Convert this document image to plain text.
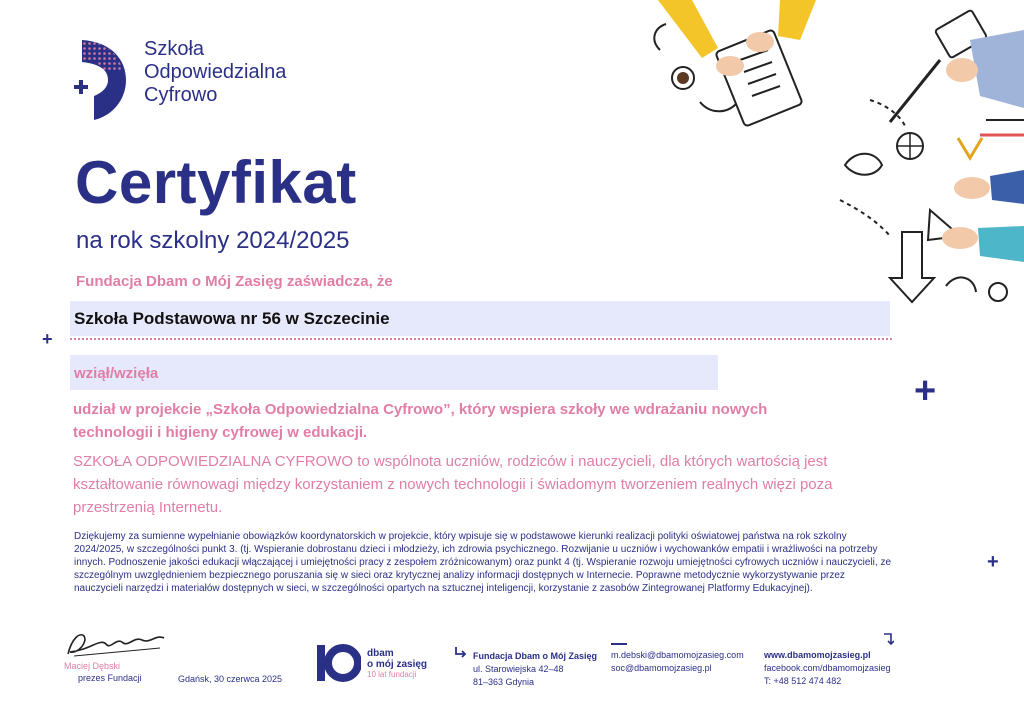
Szkoła
Odpowiedzialna
Cyfrowo
Certyfikat
na rok szkolny 2024/2025
Fundacja Dbam o Mój Zasięg zaświadcza, że
Szkoła Podstawowa nr 56 w Szczecinie
wziął/wzięła
udział w projekcie „Szkoła Odpowiedzialna Cyfrowo”, który wspiera szkoły we wdrażaniu nowych technologii i higieny cyfrowej w edukacji.
SZKOŁA ODPOWIEDZIALNA CYFROWO to wspólnota uczniów, rodziców i nauczycieli, dla których wartością jest kształtowanie równowagi między korzystaniem z nowych technologii i świadomym tworzeniem realnych więzi poza przestrzenią Internetu.
Dziękujemy za sumienne wypełnianie obowiązków koordynatorskich w projekcie, który wpisuje się w podstawowe kierunki realizacji polityki oświatowej państwa na rok szkolny 2024/2025, w szczególności punkt 3. (tj. Wspieranie dobrostanu dzieci i młodzieży, ich zdrowia psychicznego. Rozwijanie u uczniów i wychowanków empatii i wrażliwości na potrzeby innych. Podnoszenie jakości edukacji włączającej i umiejętności pracy z zespołem zróżnicowanym) oraz punkt 4 (tj. Wspieranie rozwoju umiejętności cyfrowych uczniów i nauczycieli, ze szczególnym uwzględnieniem bezpiecznego poruszania się w sieci oraz krytycznej analizy informacji dostępnych w Internecie. Poprawne metodycznie wykorzystywanie przez nauczycieli narzędzi i materiałów dostępnych w sieci, w szczególności opartych na sztucznej inteligencji, korzystanie z zasobów Zintegrowanej Platformy Edukacyjnej).
+
+
+
Maciej Dębski
prezes Fundacji	Gdańsk, 30 czerwca 2025
dbam
o mój zasięg
10 lat fundacji
Fundacja Dbam o Mój Zasięg
ul. Starowiejska 42–48
81–363 Gdynia
m.debski@dbamomojzasieg.com
soc@dbamomojzasieg.pl
www.dbamomojzasieg.pl
facebook.com/dbamomojzasieg
T: +48 512 474 482
